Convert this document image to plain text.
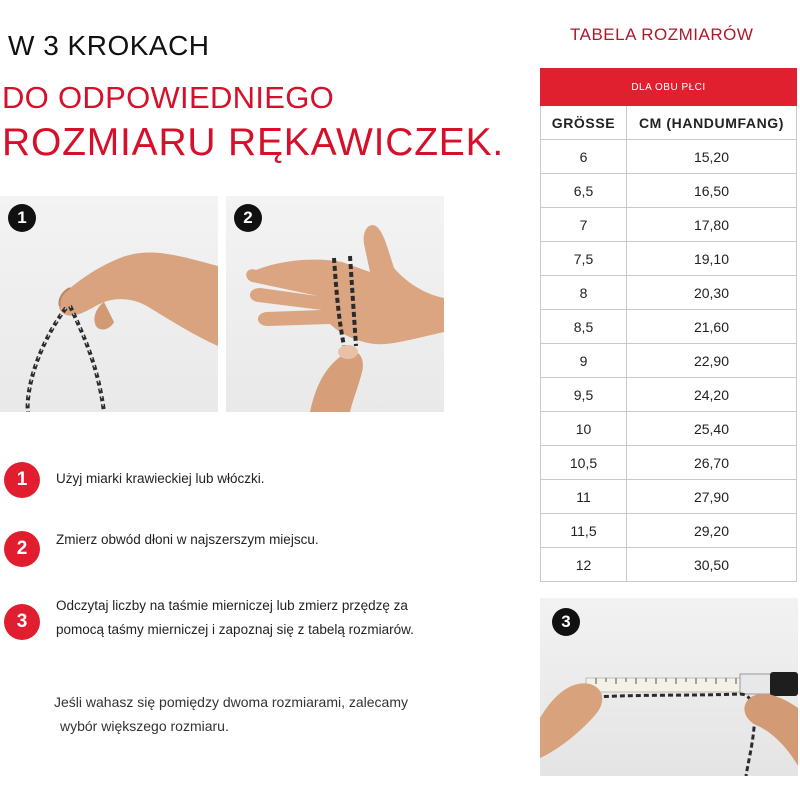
W 3 KROKACH
DO ODPOWIEDNIEGO
ROZMIARU RĘKAWICZEK.
1	2
1	Użyj miarki krawieckiej lub włóczki.
2	Zmierz obwód dłoni w najszerszym miejscu.
3
Odczytaj liczby na taśmie mierniczej lub zmierz przędzę za
pomocą taśmy mierniczej i zapoznaj się z tabelą rozmiarów.
Jeśli wahasz się pomiędzy dwoma rozmiarami, zalecamy
wybór większego rozmiaru.
TABELA ROZMIARÓW
DLA OBU PŁCI	
GRÖSSE	CM (HANDUMFANG)
6	15,20
6,5	16,50
7	17,80
7,5	19,10
8	20,30
8,5	21,60
9	22,90
9,5	24,20
10	25,40
10,5	26,70
11	27,90
11,5	29,20
12	30,50
3
